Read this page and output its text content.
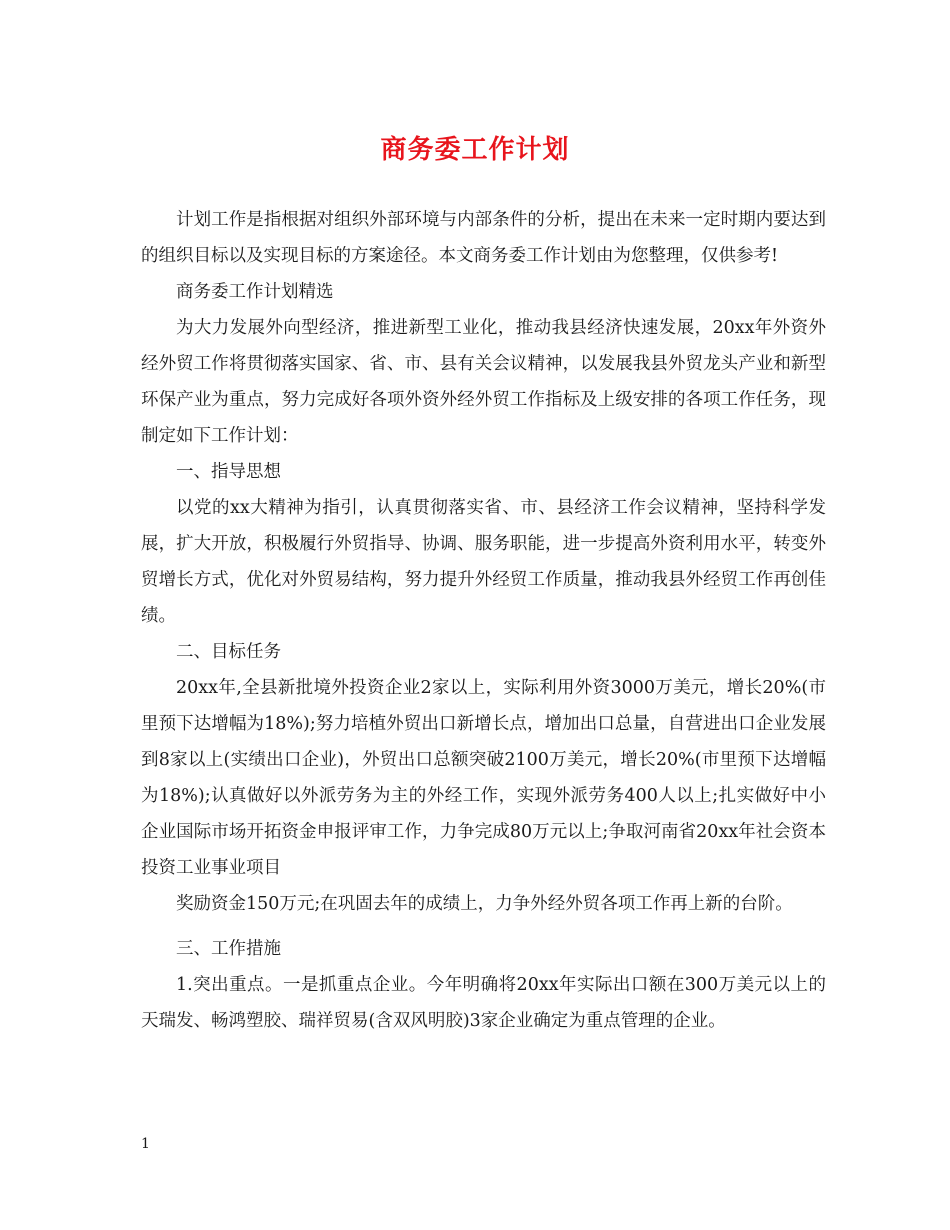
商务委工作计划

计划工作是指根据对组织外部环境与内部条件的分析，提出在未来一定时期内要达到的组织目标以及实现目标的方案途径。本文商务委工作计划由为您整理，仅供参考!

商务委工作计划精选

为大力发展外向型经济，推进新型工业化，推动我县经济快速发展，20xx年外资外经外贸工作将贯彻落实国家、省、市、县有关会议精神，以发展我县外贸龙头产业和新型环保产业为重点，努力完成好各项外资外经外贸工作指标及上级安排的各项工作任务，现制定如下工作计划：

一、指导思想

以党的xx大精神为指引，认真贯彻落实省、市、县经济工作会议精神，坚持科学发展，扩大开放，积极履行外贸指导、协调、服务职能，进一步提高外资利用水平，转变外贸增长方式，优化对外贸易结构，努力提升外经贸工作质量，推动我县外经贸工作再创佳绩。

二、目标任务

20xx年,全县新批境外投资企业2家以上，实际利用外资3000万美元，增长20%(市里预下达增幅为18%);努力培植外贸出口新增长点，增加出口总量，自营进出口企业发展到8家以上(实绩出口企业)，外贸出口总额突破2100万美元，增长20%(市里预下达增幅为18%);认真做好以外派劳务为主的外经工作，实现外派劳务400人以上;扎实做好中小企业国际市场开拓资金申报评审工作，力争完成80万元以上;争取河南省20xx年社会资本投资工业事业项目

奖励资金150万元;在巩固去年的成绩上，力争外经外贸各项工作再上新的台阶。

三、工作措施

1.突出重点。一是抓重点企业。今年明确将20xx年实际出口额在300万美元以上的天瑞发、畅鸿塑胶、瑞祥贸易(含双风明胶)3家企业确定为重点管理的企业。

1
